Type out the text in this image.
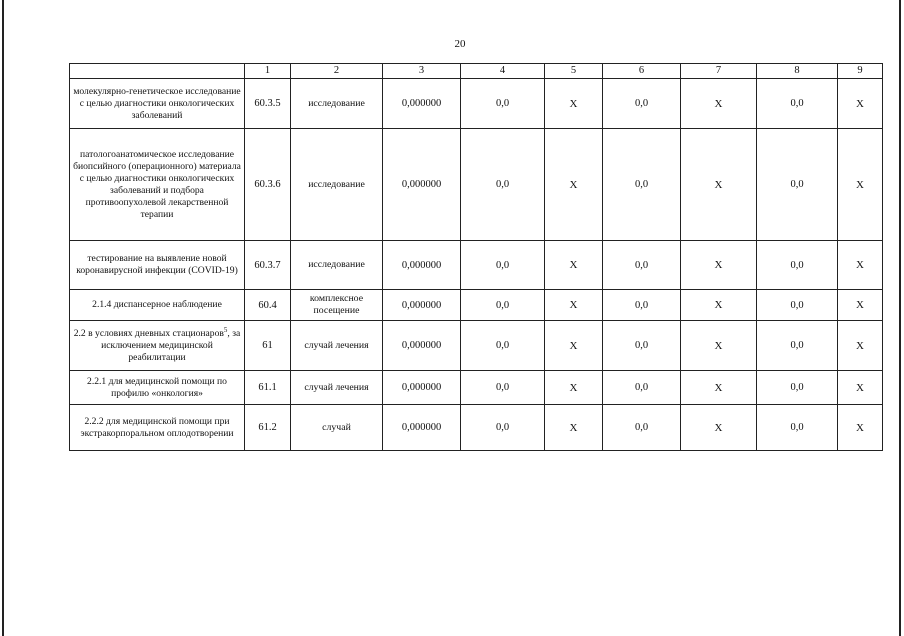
20
	1	2	3	4	5	6	7	8	9
молекулярно-генетическое исследование с целью диагностики онкологических заболеваний	60.3.5	исследование	0,000000	0,0	X	0,0	X	0,0	X
патологоанатомическое исследование биопсийного (операционного) материала с целью диагностики онкологических заболеваний и подбора противоопухолевой лекарственной терапии	60.3.6	исследование	0,000000	0,0	X	0,0	X	0,0	X
тестирование на выявление новой коронавирусной инфекции (COVID-19)	60.3.7	исследование	0,000000	0,0	X	0,0	X	0,0	X
2.1.4 диспансерное наблюдение	60.4	комплексное посещение	0,000000	0,0	X	0,0	X	0,0	X
2.2 в условиях дневных стационаров$^5$, за исключением медицинской реабилитации	61	случай лечения	0,000000	0,0	X	0,0	X	0,0	X
2.2.1 для медицинской помощи по профилю «онкология»	61.1	случай лечения	0,000000	0,0	X	0,0	X	0,0	X
2.2.2 для медицинской помощи при экстракорпоральном оплодотворении	61.2	случай	0,000000	0,0	X	0,0	X	0,0	X
